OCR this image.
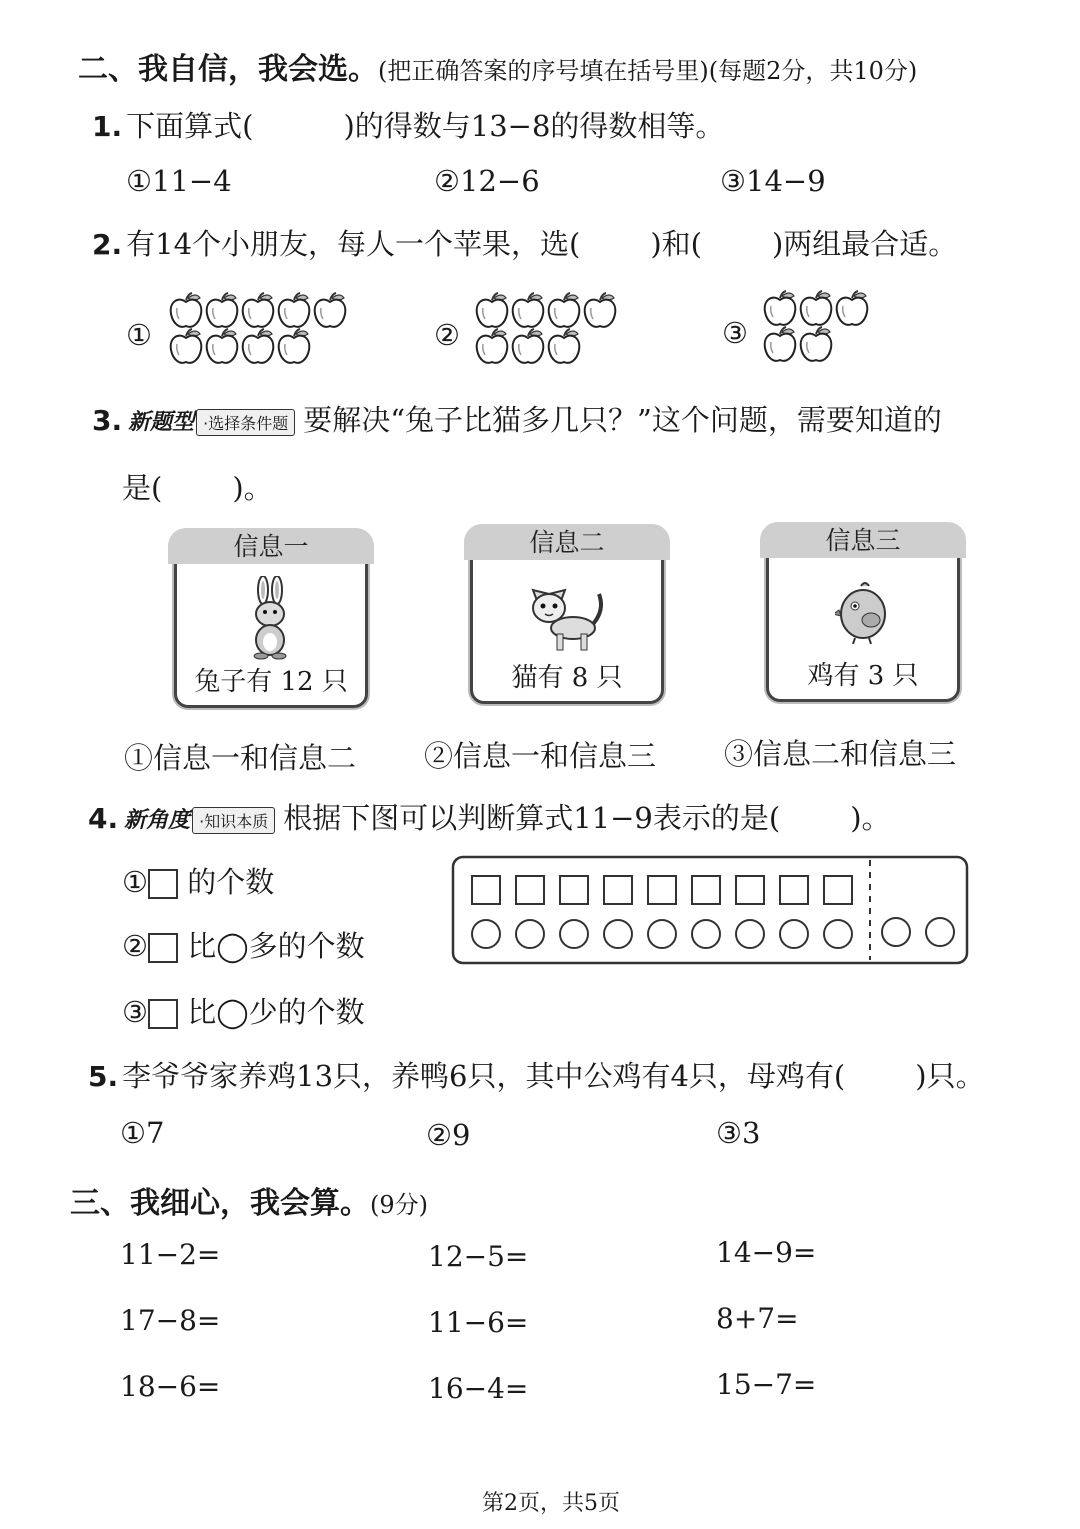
二、我自信，我会选。(把正确答案的序号填在括号里)(每题2分，共10分)
1. 下面算式(	)的得数与13−8的得数相等。
①11−4	②12−6	③14−9
2. 有14个小朋友，每人一个苹果，选( )和( )两组最合适。
①	②	③
3. 新题型 ·选择条件题 要解决“兔子比猫多几只？”这个问题，需要知道的
是( )。
信息一
兔子有 12 只
信息二
猫有 8 只
信息三
鸡有 3 只
①信息一和信息二 ②信息一和信息三 ③信息二和信息三
4. 新角度 ·知识本质 根据下图可以判断算式11−9表示的是( )。
① 的个数
② 比◯多的个数
③ 比◯少的个数
5. 李爷爷家养鸡13只，养鸭6只，其中公鸡有4只，母鸡有( )只。
①7	②9	③3
三、我细心，我会算。(9分)
11−2=	12−5=	14−9=
17−8=	11−6=	8+7=
18−6=	16−4=	15−7=
第2页，共5页
